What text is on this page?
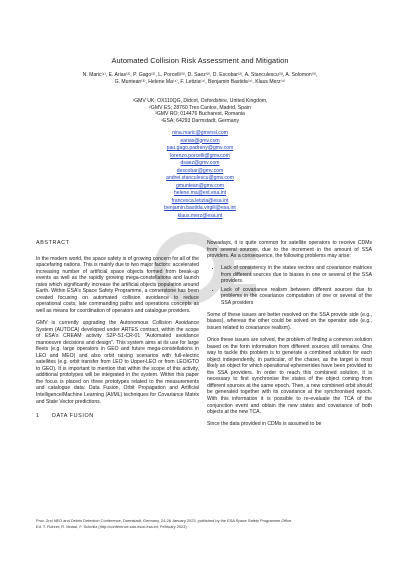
Automated Collision Risk Assessment and Mitigation
N. Maric⁽¹⁾, E. Arias⁽²⁾, P. Gago⁽²⁾, L. Porcelli⁽³⁾, D. Saez⁽²⁾, D. Escobar⁽²⁾, A. Stanculescu⁽³⁾, A. Solomon⁽³⁾,
G. Muntean⁽³⁾, Helene Ma⁽⁴⁾, F. Letizia⁽⁴⁾, Benjamin Bastida⁽⁴⁾, Klaus Merz⁽⁴⁾
¹GMV UK; OX110QG, Didcot, Oxfordshire, United Kingdom,
²GMV ES; 28760 Tres Cantos, Madrid, Spain
³GMV RO; 014476 Bucharest, Romania
⁴ESA; 64293 Darmstadt, Germany
nina.maric@gmvnsl.com
earias@gmv.com
pau.gago.padreny@gmv.com
lorenzo.porcelli@gmv.com
dsaez@gmv.com
descobar@gmv.com
andrei.stanculescu@gmv.com
gmuntean@gmv.com
helene.ma@ext.esa.int
francesca.letizia@esa.int
benjamin.bastida.virgili@esa.int
klaus.merz@esa.int
ABSTRACT

In the modern world, the space safety is of growing concern for all of the spacefaring nations. This is mainly due to two major factors: accelerated increasing number of artificial space objects formed from break-up events as well as the rapidly growing mega-constellations and launch rates which significantly increase the artificial objects population around Earth. Within ESA's Space Safety Programme, a cornerstone has been created focusing on automated collision avoidance to reduce operational costs, late commanding paths and operations concepts as well as means for coordination of operators and catalogue providers.

GMV is currently upgrading the Autonomous Collision Avoidance System (AUTOCA) developed under ARTES contract, within the scope of ESA's CREAM activity S2P-S1-CR-01 "Automated avoidance manoeuvre decisions and design". This system aims at its use for large fleets (e.g. large operators in GEO and future mega-constellations in LEO and MEO) and also orbit raising scenarios with full-electric satellites (e.g. orbit transfer from LEO to Upper-LEO or from LEO/GTO to GEO). It is important to mention that within the scope of this activity, additional prototypes will be integrated in the system. Within this paper the focus is placed on three prototypes related to the measurements and catalogue data: Data Fusion, Orbit Propagation and Artificial Intelligence/Machine Learning (AI/ML) techniques for Covariance Matrix and State Vector predictions.

1 DATA FUSION

Nowadays, it is quite common for satellite operators to receive CDMs from several sources, due to the increment in the amount of SSA providers. As a consequence, the following problems may arise:

• Lack of consistency in the states vectors and covariance matrices from different sources due to biases in one or several of the SSA providers.
• Lack of covariance realism between different sources due to problems in the covariance computation of one or several of the SSA providers

Some of these issues are better resolved on the SSA provide side (e.g., biases), whereas the other could be solved on the operator side (e.g., issues related to covariance realism).

Once these issues are solved, the problem of finding a common solution based on the form information from different sources still remains. One way to tackle this problem is to generate a combined solution for each object independently, in particular, of the chaser, as the target is most likely an object for which operational ephemerides have been provided to the SSA providers. In order to reach this combined solution, it is necessary to first synchronise the states of the object coming from different sources at the same epoch. Then, a new combined orbit should be generated together with its covariance at the synchronised epoch. With this information it is possible to re-evaluate the TCA of the conjunction event and obtain the new states and covariance of both objects at the new TCA.

Since the data provided in CDMs is assumed to be

Proc. 2nd NEO and Debris Detection Conference, Darmstadt, Germany, 24-26 January 2023, published by the ESA Space Safety Programme Office
Ed. T. Flohrer, R. Moissl, F. Schmitz (http://conference.sdo.esoc.esa.int, February 2023)
